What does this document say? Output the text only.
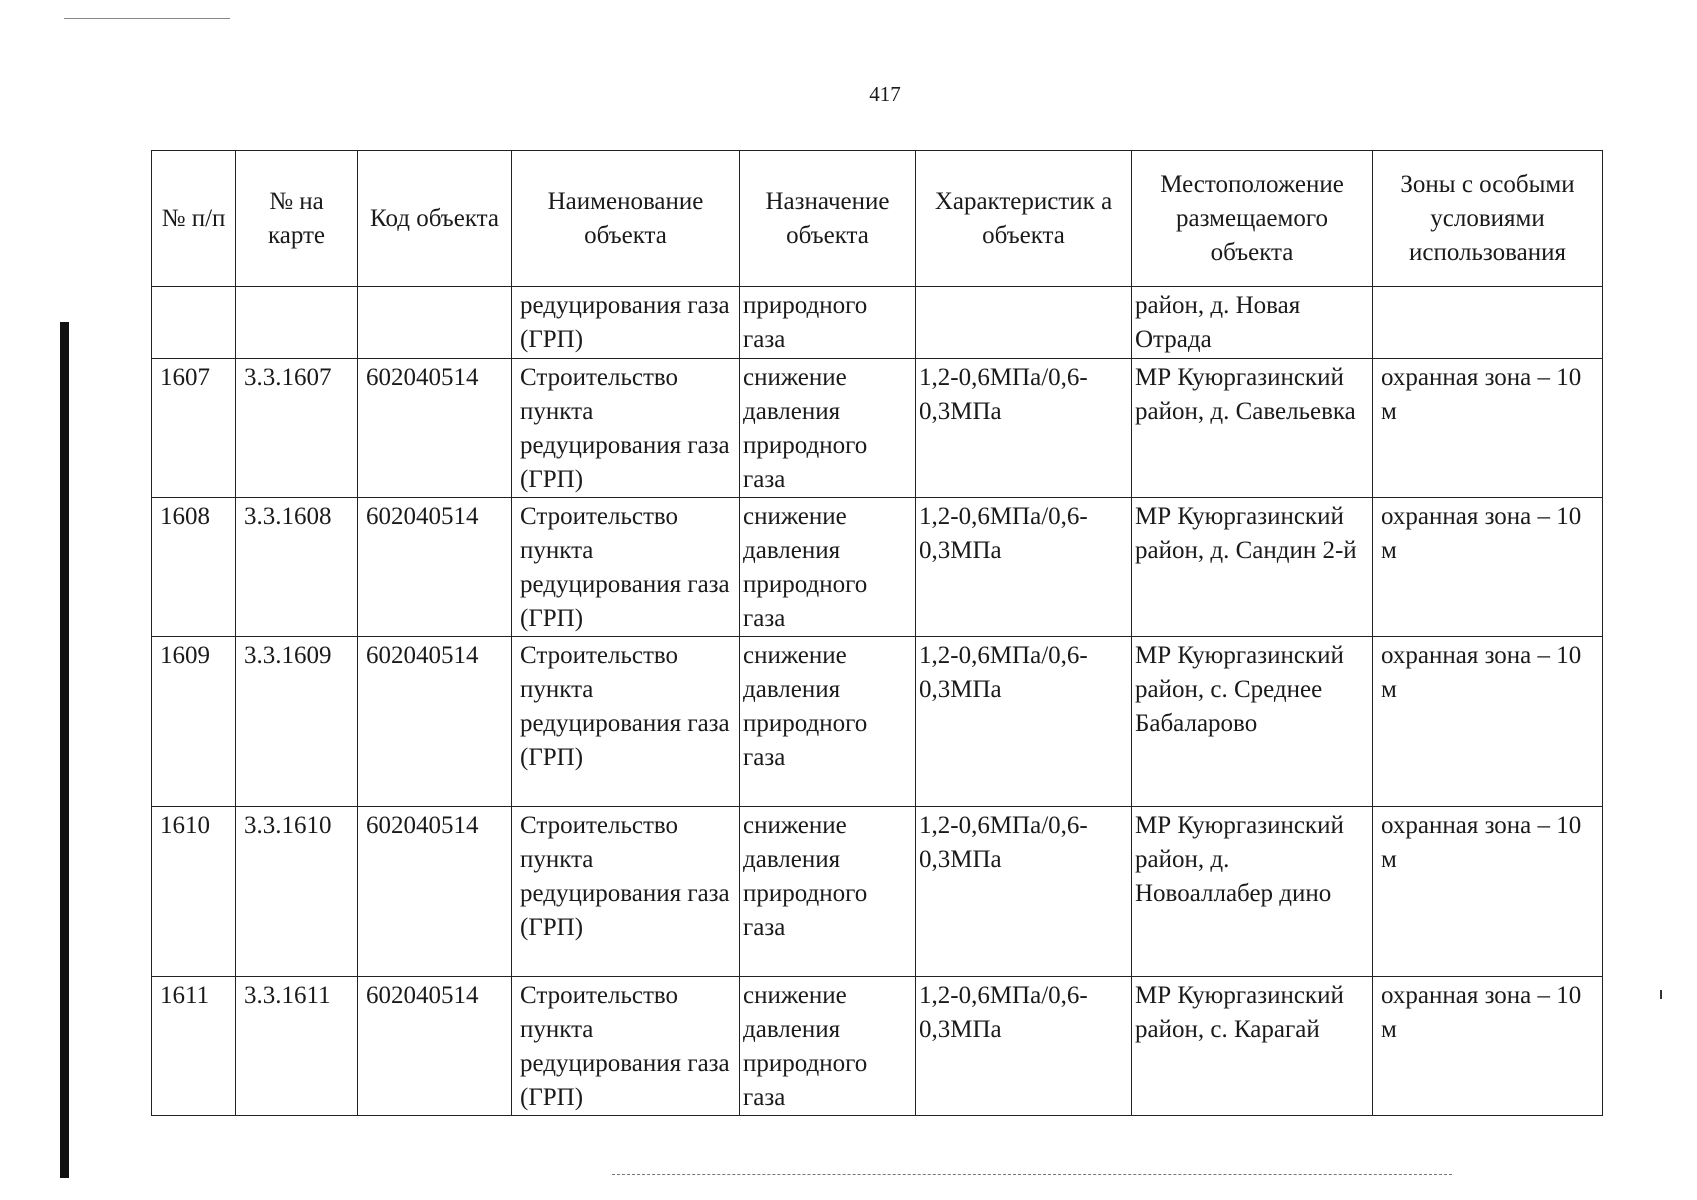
417
№ п/п	№ на карте	Код объекта	Наименование объекта	Назначение объекта	Характеристик а объекта	Местоположение размещаемого объекта	Зоны с особыми условиями использования
			редуцирования газа (ГРП)	природного газа		район, д. Новая Отрада	
1607	3.3.1607	602040514	Строительство пункта редуцирования газа (ГРП)	снижение давления природного газа	1,2-0,6МПа/0,6-0,3МПа	МР Куюргазинский район, д. Савельевка	охранная зона – 10 м
1608	3.3.1608	602040514	Строительство пункта редуцирования газа (ГРП)	снижение давления природного газа	1,2-0,6МПа/0,6-0,3МПа	МР Куюргазинский район, д. Сандин 2-й	охранная зона – 10 м
1609	3.3.1609	602040514	Строительство пункта редуцирования газа (ГРП)	снижение давления природного газа	1,2-0,6МПа/0,6-0,3МПа	МР Куюргазинский район, с. Среднее Бабаларово	охранная зона – 10 м
1610	3.3.1610	602040514	Строительство пункта редуцирования газа (ГРП)	снижение давления природного газа	1,2-0,6МПа/0,6-0,3МПа	МР Куюргазинский район, д. Новоаллабер дино	охранная зона – 10 м
1611	3.3.1611	602040514	Строительство пункта редуцирования газа (ГРП)	снижение давления природного газа	1,2-0,6МПа/0,6-0,3МПа	МР Куюргазинский район, с. Карагай	охранная зона – 10 м
